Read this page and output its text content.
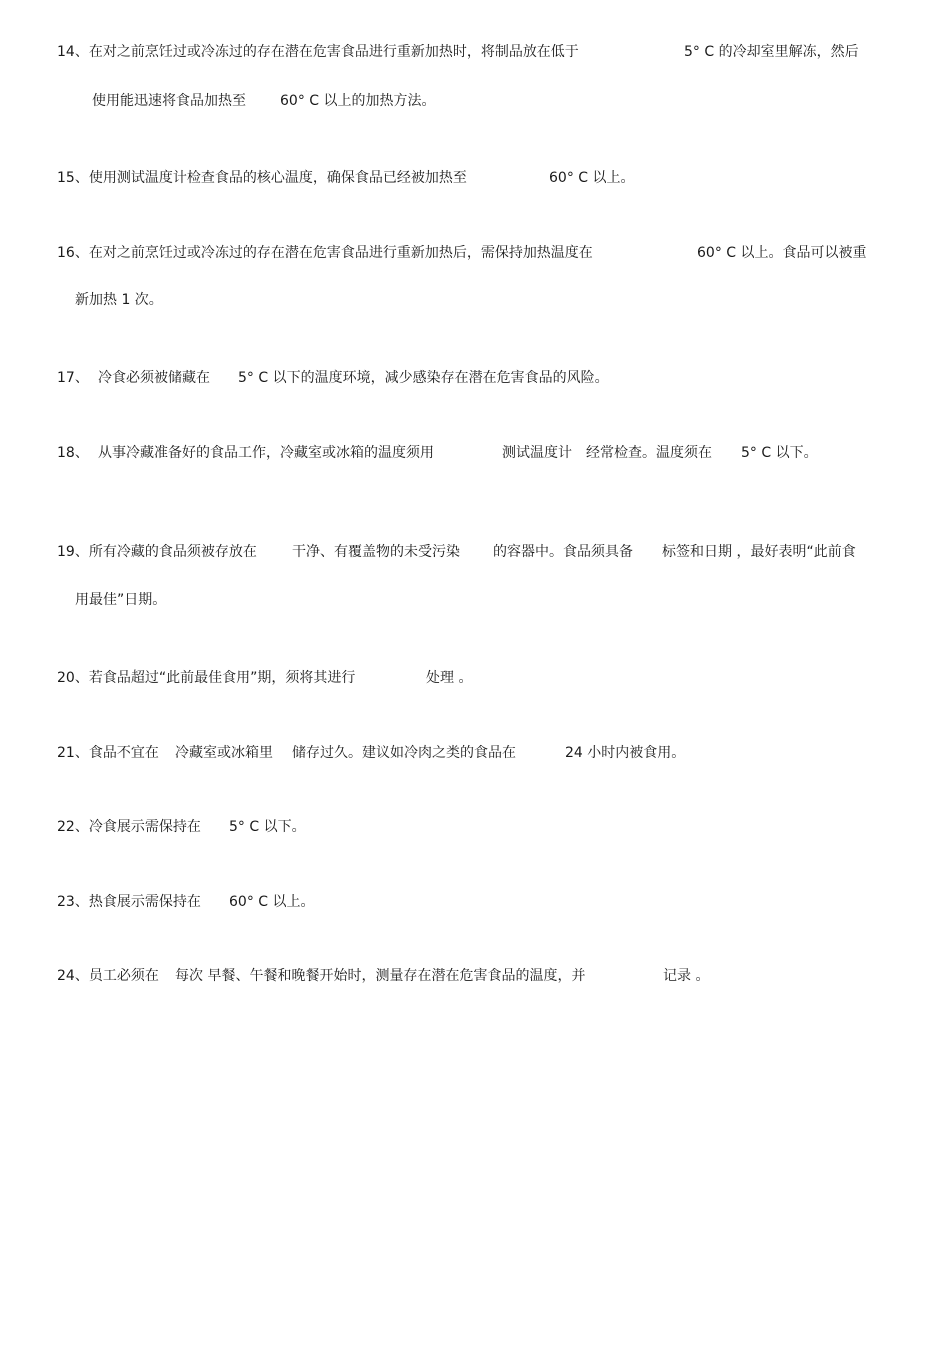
14、在对之前烹饪过或冷冻过的存在潜在危害食品进行重新加热时，将制品放在低于	5° C 的冷却室里解冻，然后
使用能迅速将食品加热至 60° C 以上的加热方法。
15、使用测试温度计检查食品的核心温度，确保食品已经被加热至	60° C 以上。
16、在对之前烹饪过或冷冻过的存在潜在危害食品进行重新加热后，需保持加热温度在	60° C 以上。食品可以被重
新加热 1 次。
17、 冷食必须被储藏在 5° C 以下的温度环境，减少感染存在潜在危害食品的风险。
18、 从事冷藏准备好的食品工作，冷藏室或冰箱的温度须用	测试温度计 经常检查。温度须在 5° C 以下。
19、所有冷藏的食品须被存放在	干净、有覆盖物的未受污染 的容器中。食品须具备 标签和日期 ，最好表明“此前食
用最佳”日期。
20、若食品超过“此前最佳食用”期，须将其进行	处理 。
21、食品不宜在 冷藏室或冰箱里 储存过久。建议如冷肉之类的食品在	24 小时内被食用。
22、冷食展示需保持在 5° C 以下。
23、热食展示需保持在 60° C 以上。
24、员工必须在 每次 早餐、午餐和晚餐开始时，测量存在潜在危害食品的温度，并	记录 。
